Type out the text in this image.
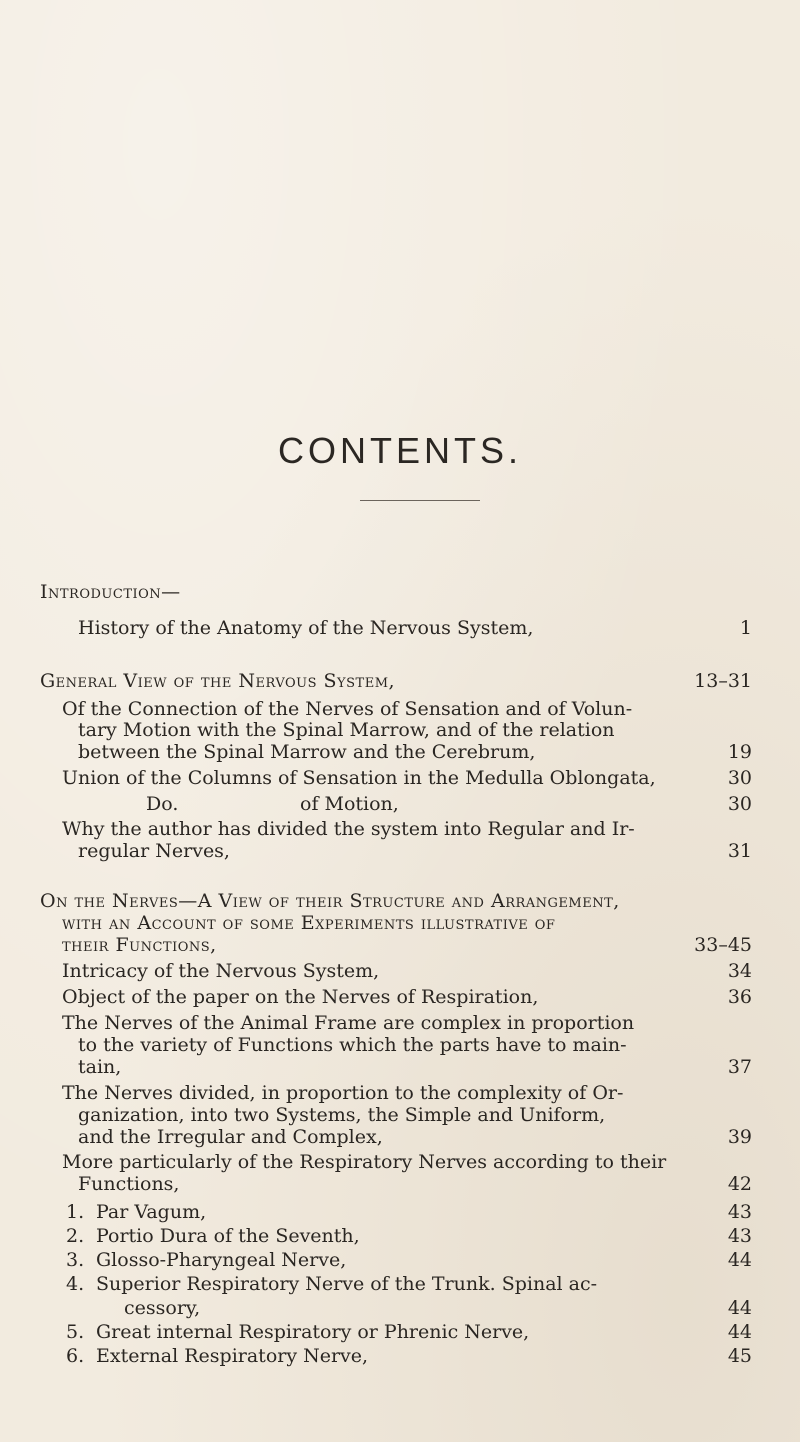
CONTENTS.
Introduction—
History of the Anatomy of the Nervous System,	1
General View of the Nervous System,	13–31
Of the Connection of the Nerves of Sensation and of Volun-
tary Motion with the Spinal Marrow, and of the relation
between the Spinal Marrow and the Cerebrum,	19
Union of the Columns of Sensation in the Medulla Oblongata,	30
Do.	of Motion,	30
Why the author has divided the system into Regular and Ir-
regular Nerves,	31
On the Nerves—A View of their Structure and Arrangement,
with an Account of some Experiments illustrative of
their Functions,	33–45
Intricacy of the Nervous System,	34
Object of the paper on the Nerves of Respiration,	36
The Nerves of the Animal Frame are complex in proportion
to the variety of Functions which the parts have to main-
tain,	37
The Nerves divided, in proportion to the complexity of Or-
ganization, into two Systems, the Simple and Uniform,
and the Irregular and Complex,	39
More particularly of the Respiratory Nerves according to their
Functions,	42
1. Par Vagum,	43
2. Portio Dura of the Seventh,	43
3. Glosso-Pharyngeal Nerve,	44
4. Superior Respiratory Nerve of the Trunk. Spinal ac-
cessory,	44
5. Great internal Respiratory or Phrenic Nerve,	44
6. External Respiratory Nerve,	45
